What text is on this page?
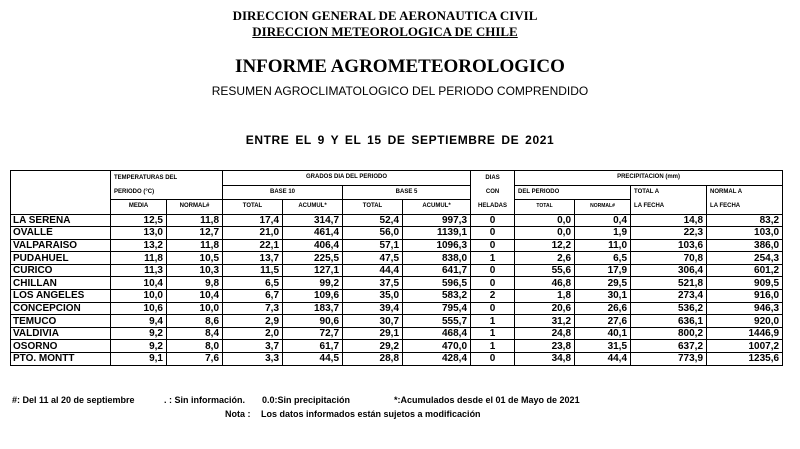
DIRECCION GENERAL DE AERONAUTICA CIVIL
DIRECCION METEOROLOGICA DE CHILE
INFORME AGROMETEOROLOGICO
RESUMEN AGROCLIMATOLOGICO DEL PERIODO COMPRENDIDO
ENTRE EL 9 Y EL 15 DE SEPTIEMBRE DE 2021
	TEMPERATURAS DEL		GRADOS DIA DEL PERIODO				DIAS	PRECIPITACION (mm)			
	PERIODO (°C)		BASE 10		BASE 5		CON	DEL PERIODO		TOTAL A	NORMAL A
	MEDIA	NORMAL#	TOTAL	ACUMUL*	TOTAL	ACUMUL*	HELADAS	TOTAL	NORMAL#	LA FECHA	LA FECHA
LA SERENA	12,5	11,8	17,4	314,7	52,4	997,3	0	0,0	0,4	14,8	83,2
OVALLE	13,0	12,7	21,0	461,4	56,0	1139,1	0	0,0	1,9	22,3	103,0
VALPARAISO	13,2	11,8	22,1	406,4	57,1	1096,3	0	12,2	11,0	103,6	386,0
PUDAHUEL	11,8	10,5	13,7	225,5	47,5	838,0	1	2,6	6,5	70,8	254,3
CURICO	11,3	10,3	11,5	127,1	44,4	641,7	0	55,6	17,9	306,4	601,2
CHILLAN	10,4	9,8	6,5	99,2	37,5	596,5	0	46,8	29,5	521,8	909,5
LOS ANGELES	10,0	10,4	6,7	109,6	35,0	583,2	2	1,8	30,1	273,4	916,0
CONCEPCION	10,6	10,0	7,3	183,7	39,4	795,4	0	20,6	26,6	536,2	946,3
TEMUCO	9,4	8,6	2,9	90,6	30,7	555,7	1	31,2	27,6	636,1	920,0
VALDIVIA	9,2	8,4	2,0	72,7	29,1	468,4	1	24,8	40,1	800,2	1446,9
OSORNO	9,2	8,0	3,7	61,7	29,2	470,0	1	23,8	31,5	637,2	1007,2
PTO. MONTT	9,1	7,6	3,3	44,5	28,8	428,4	0	34,8	44,4	773,9	1235,6
#: Del 11 al 20 de septiembre	. : Sin información. 0.0:Sin precipitación	*:Acumulados desde el 01 de Mayo de 2021
Nota : Los datos informados están sujetos a modificación
